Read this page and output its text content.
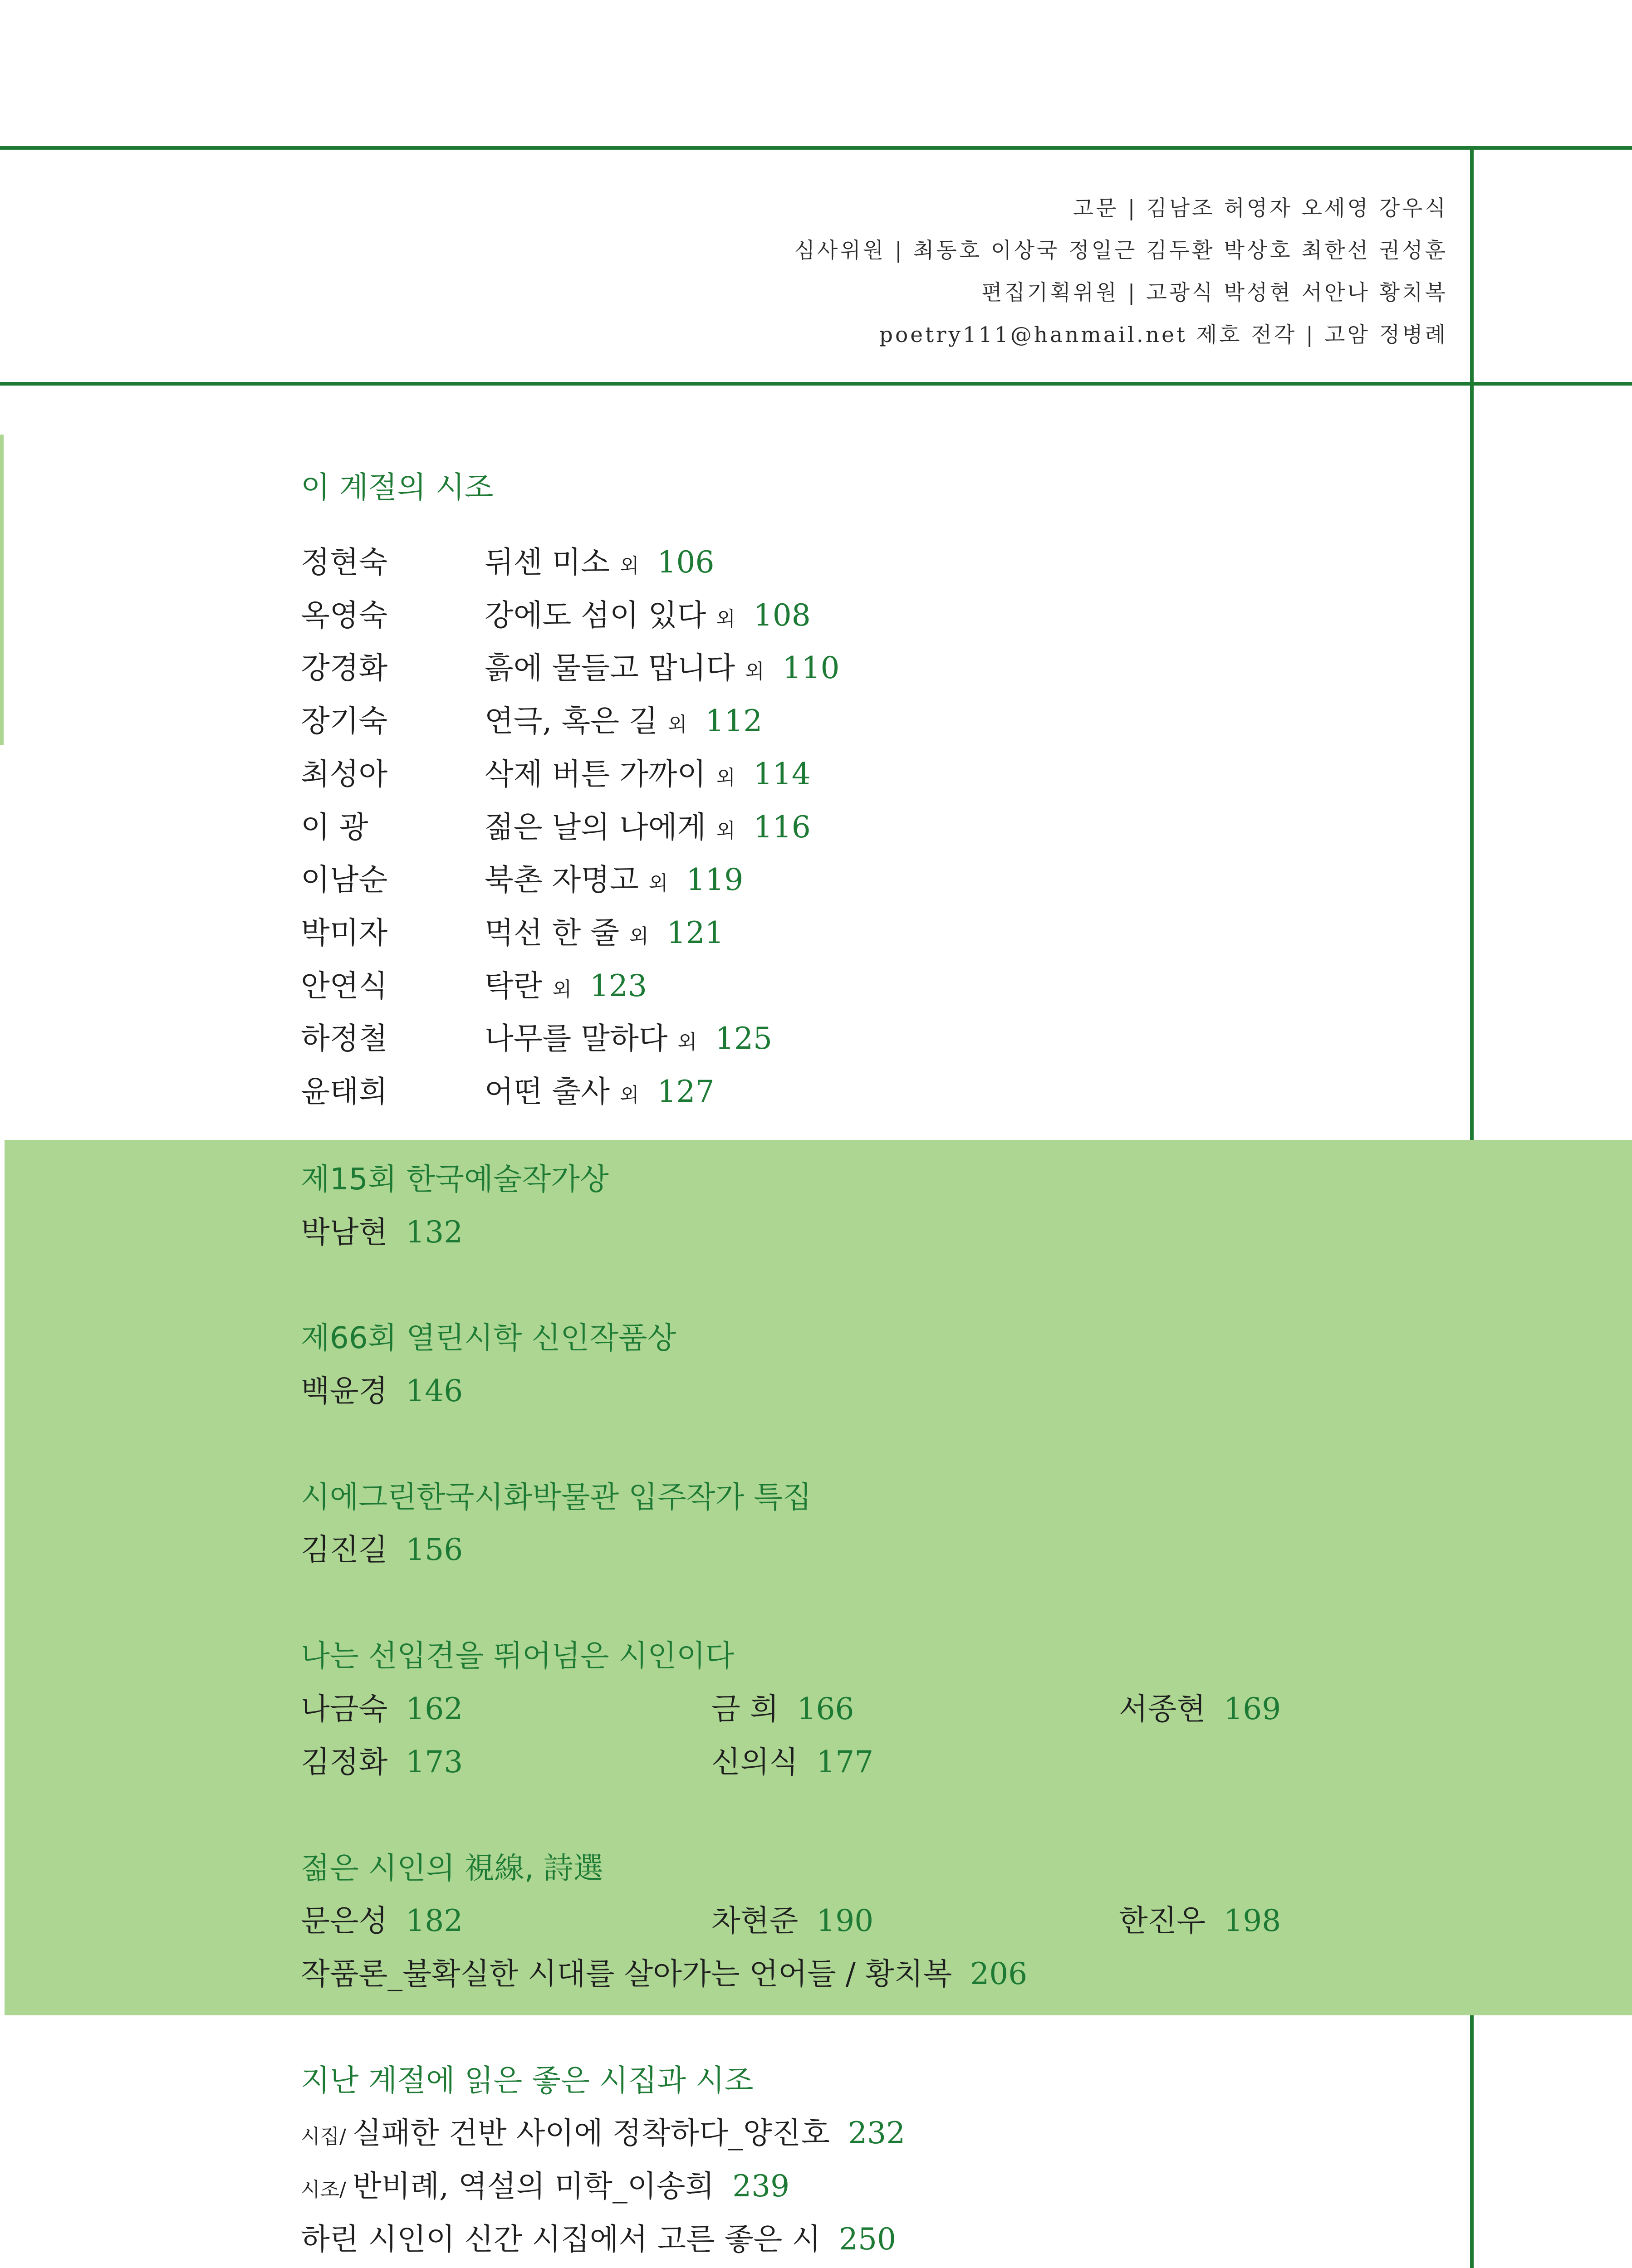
고문 | 김남조 허영자 오세영 강우식
심사위원 | 최동호 이상국 정일근 김두환 박상호 최한선 권성훈
편집기획위원 | 고광식 박성현 서안나 황치복
poetry111@hanmail.net 제호 전각 | 고암 정병례
이 계절의 시조
정현숙	뒤센 미소 외 106
옥영숙	강에도 섬이 있다 외 108
강경화	흙에 물들고 맙니다 외 110
장기숙	연극, 혹은 길 외 112
최성아	삭제 버튼 가까이 외 114
이 광	젊은 날의 나에게 외 116
이남순	북촌 자명고 외 119
박미자	먹선 한 줄 외 121
안연식	탁란 외 123
하정철	나무를 말하다 외 125
윤태희	어떤 출사 외 127
제15회 한국예술작가상
박남현 132
제66회 열린시학 신인작품상
백윤경 146
시에그린한국시화박물관 입주작가 특집
김진길 156
나는 선입견을 뛰어넘은 시인이다
나금숙 162	금 희 166	서종현 169
김정화 173	신의식 177
젊은 시인의 視線, 詩選
문은성 182	차현준 190	한진우 198
작품론_불확실한 시대를 살아가는 언어들 / 황치복 206
지난 계절에 읽은 좋은 시집과 시조
시집/ 실패한 건반 사이에 정착하다_양진호 232
시조/ 반비례, 역설의 미학_이송희 239
하린 시인이 신간 시집에서 고른 좋은 시 250
